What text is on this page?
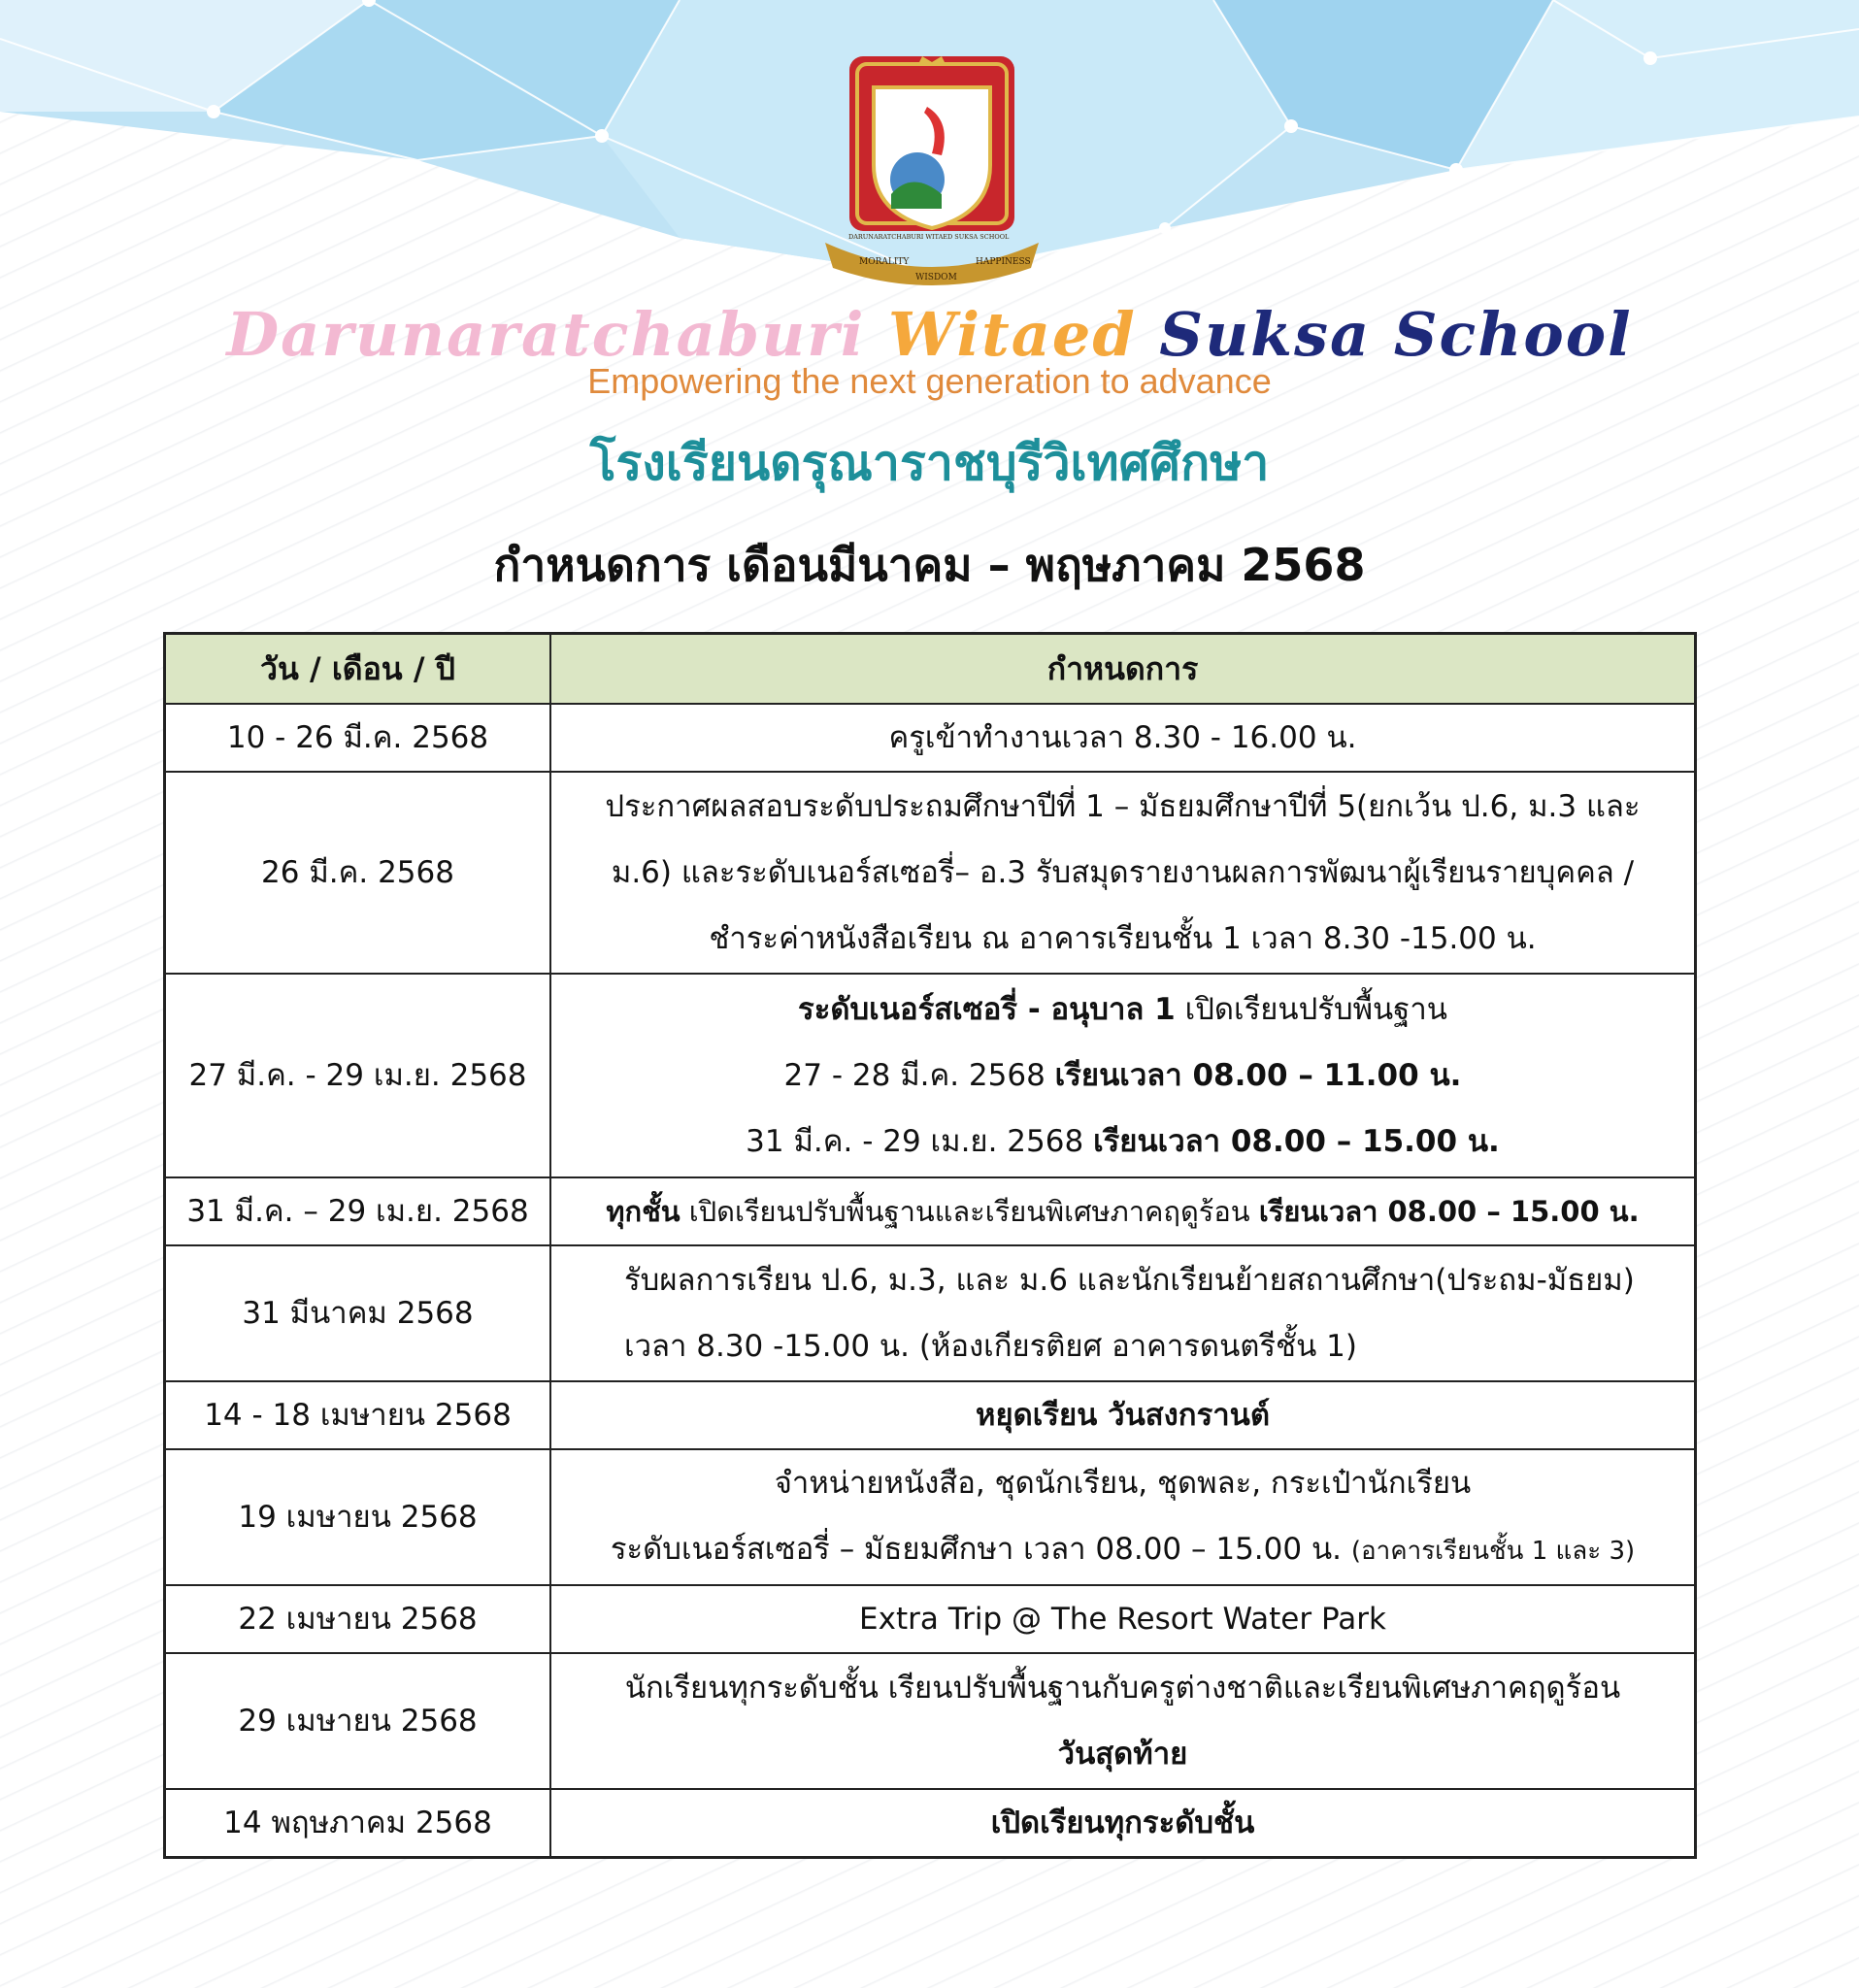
MORALITY
WISDOM
HAPPINESS
DARUNARATCHABURI WITAED SUKSA SCHOOL
Darunaratchaburi Witaed Suksa School
Empowering the next generation to advance
โรงเรียนดรุณาราชบุรีวิเทศศึกษา
กำหนดการ เดือนมีนาคม – พฤษภาคม 2568
วัน / เดือน / ปี	กำหนดการ
10 - 26 มี.ค. 2568	ครูเข้าทำงานเวลา 8.30 - 16.00 น.
26 มี.ค. 2568	ประกาศผลสอบระดับประถมศึกษาปีที่ 1 – มัธยมศึกษาปีที่ 5(ยกเว้น ป.6, ม.3 และ
ม.6) และระดับเนอร์สเซอรี่– อ.3 รับสมุดรายงานผลการพัฒนาผู้เรียนรายบุคคล /
ชำระค่าหนังสือเรียน ณ อาคารเรียนชั้น 1 เวลา 8.30 -15.00 น.

27 มี.ค. - 29 เม.ย. 2568	ระดับเนอร์สเซอรี่ - อนุบาล 1 เปิดเรียนปรับพื้นฐาน
27 - 28 มี.ค. 2568 เรียนเวลา 08.00 – 11.00 น.
31 มี.ค. - 29 เม.ย. 2568 เรียนเวลา 08.00 – 15.00 น.

31 มี.ค. – 29 เม.ย. 2568	ทุกชั้น เปิดเรียนปรับพื้นฐานและเรียนพิเศษภาคฤดูร้อน เรียนเวลา 08.00 – 15.00 น.
31 มีนาคม 2568	รับผลการเรียน ป.6, ม.3, และ ม.6 และนักเรียนย้ายสถานศึกษา(ประถม-มัธยม)
เวลา 8.30 -15.00 น. (ห้องเกียรติยศ อาคารดนตรีชั้น 1)

14 - 18 เมษายน 2568	หยุดเรียน วันสงกรานต์
19 เมษายน 2568	จำหน่ายหนังสือ, ชุดนักเรียน, ชุดพละ, กระเป๋านักเรียน
ระดับเนอร์สเซอรี่ – มัธยมศึกษา เวลา 08.00 – 15.00 น. (อาคารเรียนชั้น 1 และ 3)

22 เมษายน 2568	Extra Trip @ The Resort Water Park
29 เมษายน 2568	นักเรียนทุกระดับชั้น เรียนปรับพื้นฐานกับครูต่างชาติและเรียนพิเศษภาคฤดูร้อน
วันสุดท้าย

14 พฤษภาคม 2568	เปิดเรียนทุกระดับชั้น
